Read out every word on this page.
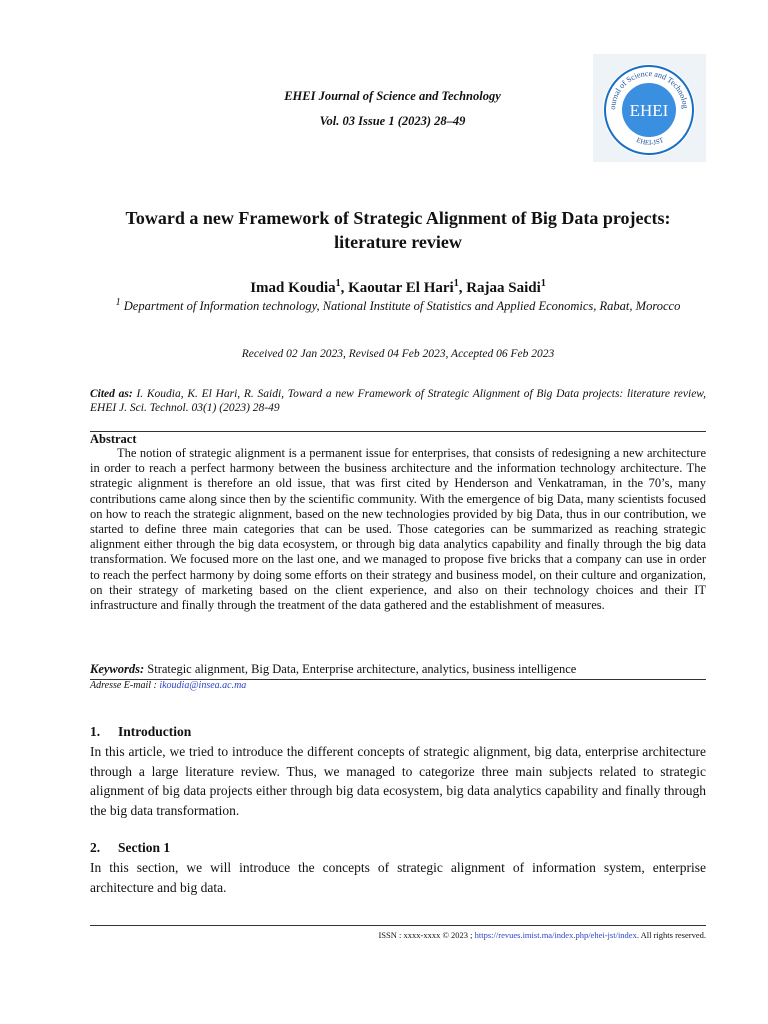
EHEI Journal of Science and Technology
Vol. 03 Issue 1 (2023) 28–49
ournal of Science and Technolog
EHEI
EHEI-JST
Toward a new Framework of Strategic Alignment of Big Data projects: literature review
Imad Koudia$^1$, Kaoutar El Hari$^1$, Rajaa Saidi$^1$
$^1$ Department of Information technology, National Institute of Statistics and Applied Economics, Rabat, Morocco
Received 02 Jan 2023, Revised 04 Feb 2023, Accepted 06 Feb 2023
Cited as: I. Koudia, K. El Hari, R. Saidi, Toward a new Framework of Strategic Alignment of Big Data projects: literature review, EHEI J. Sci. Technol. 03(1) (2023) 28-49
Abstract
The notion of strategic alignment is a permanent issue for enterprises, that consists of redesigning a new architecture in order to reach a perfect harmony between the business architecture and the information technology architecture. The strategic alignment is therefore an old issue, that was first cited by Henderson and Venkatraman, in the 70’s, many contributions came along since then by the scientific community. With the emergence of big Data, many scientists focused on how to reach the strategic alignment, based on the new technologies provided by big Data, thus in our contribution, we started to define three main categories that can be used. Those categories can be summarized as reaching strategic alignment either through the big data ecosystem, or through big data analytics capability and finally through the big data transformation. We focused more on the last one, and we managed to propose five bricks that a company can use in order to reach the perfect harmony by doing some efforts on their strategy and business model, on their culture and organization, on their strategy of marketing based on the client experience, and also on their technology choices and their IT infrastructure and finally through the treatment of the data gathered and the establishment of measures.
Keywords: Strategic alignment, Big Data, Enterprise architecture, analytics, business intelligence
Adresse E-mail : ikoudia@insea.ac.ma
1. Introduction
In this article, we tried to introduce the different concepts of strategic alignment, big data, enterprise architecture through a large literature review. Thus, we managed to categorize three main subjects related to strategic alignment of big data projects either through big data ecosystem, big data analytics capability and finally through the big data transformation.
2. Section 1
In this section, we will introduce the concepts of strategic alignment of information system, enterprise architecture and big data.
ISSN : xxxx-xxxx © 2023 ; https://revues.imist.ma/index.php/ehei-jst/index. All rights reserved.
